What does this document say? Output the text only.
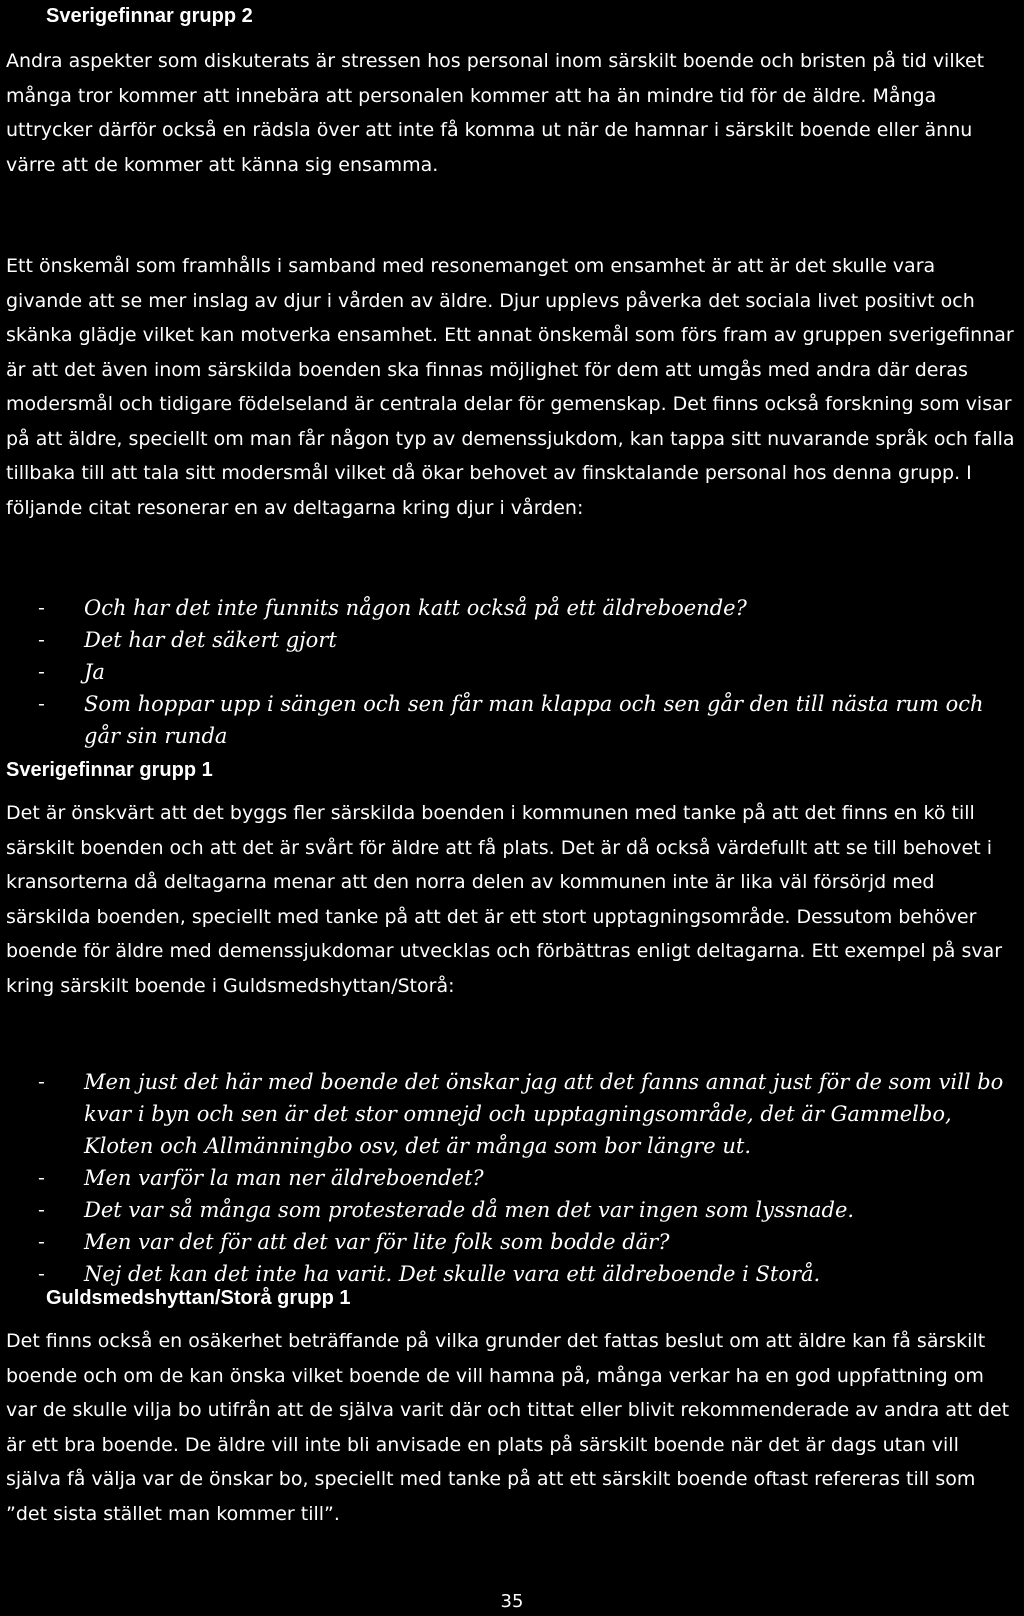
Sverigefinnar grupp 2

Andra aspekter som diskuterats är stressen hos personal inom särskilt boende och bristen på tid vilket många tror kommer att innebära att personalen kommer att ha än mindre tid för de äldre. Många uttrycker därför också en rädsla över att inte få komma ut när de hamnar i särskilt boende eller ännu värre att de kommer att känna sig ensamma.

Ett önskemål som framhålls i samband med resonemanget om ensamhet är att är det skulle vara givande att se mer inslag av djur i vården av äldre. Djur upplevs påverka det sociala livet positivt och skänka glädje vilket kan motverka ensamhet. Ett annat önskemål som förs fram av gruppen sverigefinnar är att det även inom särskilda boenden ska finnas möjlighet för dem att umgås med andra där deras modersmål och tidigare födelseland är centrala delar för gemenskap. Det finns också forskning som visar på att äldre, speciellt om man får någon typ av demenssjukdom, kan tappa sitt nuvarande språk och falla tillbaka till att tala sitt modersmål vilket då ökar behovet av finsktalande personal hos denna grupp. I följande citat resonerar en av deltagarna kring djur i vården:

- Och har det inte funnits någon katt också på ett äldreboende?
- Det har det säkert gjort
- Ja
- Som hoppar upp i sängen och sen får man klappa och sen går den till nästa rum och går sin runda
Sverigefinnar grupp 1

Det är önskvärt att det byggs fler särskilda boenden i kommunen med tanke på att det finns en kö till särskilt boenden och att det är svårt för äldre att få plats. Det är då också värdefullt att se till behovet i kransorterna då deltagarna menar att den norra delen av kommunen inte är lika väl försörjd med särskilda boenden, speciellt med tanke på att det är ett stort upptagningsområde. Dessutom behöver boende för äldre med demenssjukdomar utvecklas och förbättras enligt deltagarna. Ett exempel på svar kring särskilt boende i Guldsmedshyttan/Storå:

- Men just det här med boende det önskar jag att det fanns annat just för de som vill bo kvar i byn och sen är det stor omnejd och upptagningsområde, det är Gammelbo, Kloten och Allmänningbo osv, det är många som bor längre ut.
- Men varför la man ner äldreboendet?
- Det var så många som protesterade då men det var ingen som lyssnade.
- Men var det för att det var för lite folk som bodde där?
- Nej det kan det inte ha varit. Det skulle vara ett äldreboende i Storå.
Guldsmedshyttan/Storå grupp 1

Det finns också en osäkerhet beträffande på vilka grunder det fattas beslut om att äldre kan få särskilt boende och om de kan önska vilket boende de vill hamna på, många verkar ha en god uppfattning om var de skulle vilja bo utifrån att de själva varit där och tittat eller blivit rekommenderade av andra att det är ett bra boende. De äldre vill inte bli anvisade en plats på särskilt boende när det är dags utan vill själva få välja var de önskar bo, speciellt med tanke på att ett särskilt boende oftast refereras till som ”det sista stället man kommer till”.

35
